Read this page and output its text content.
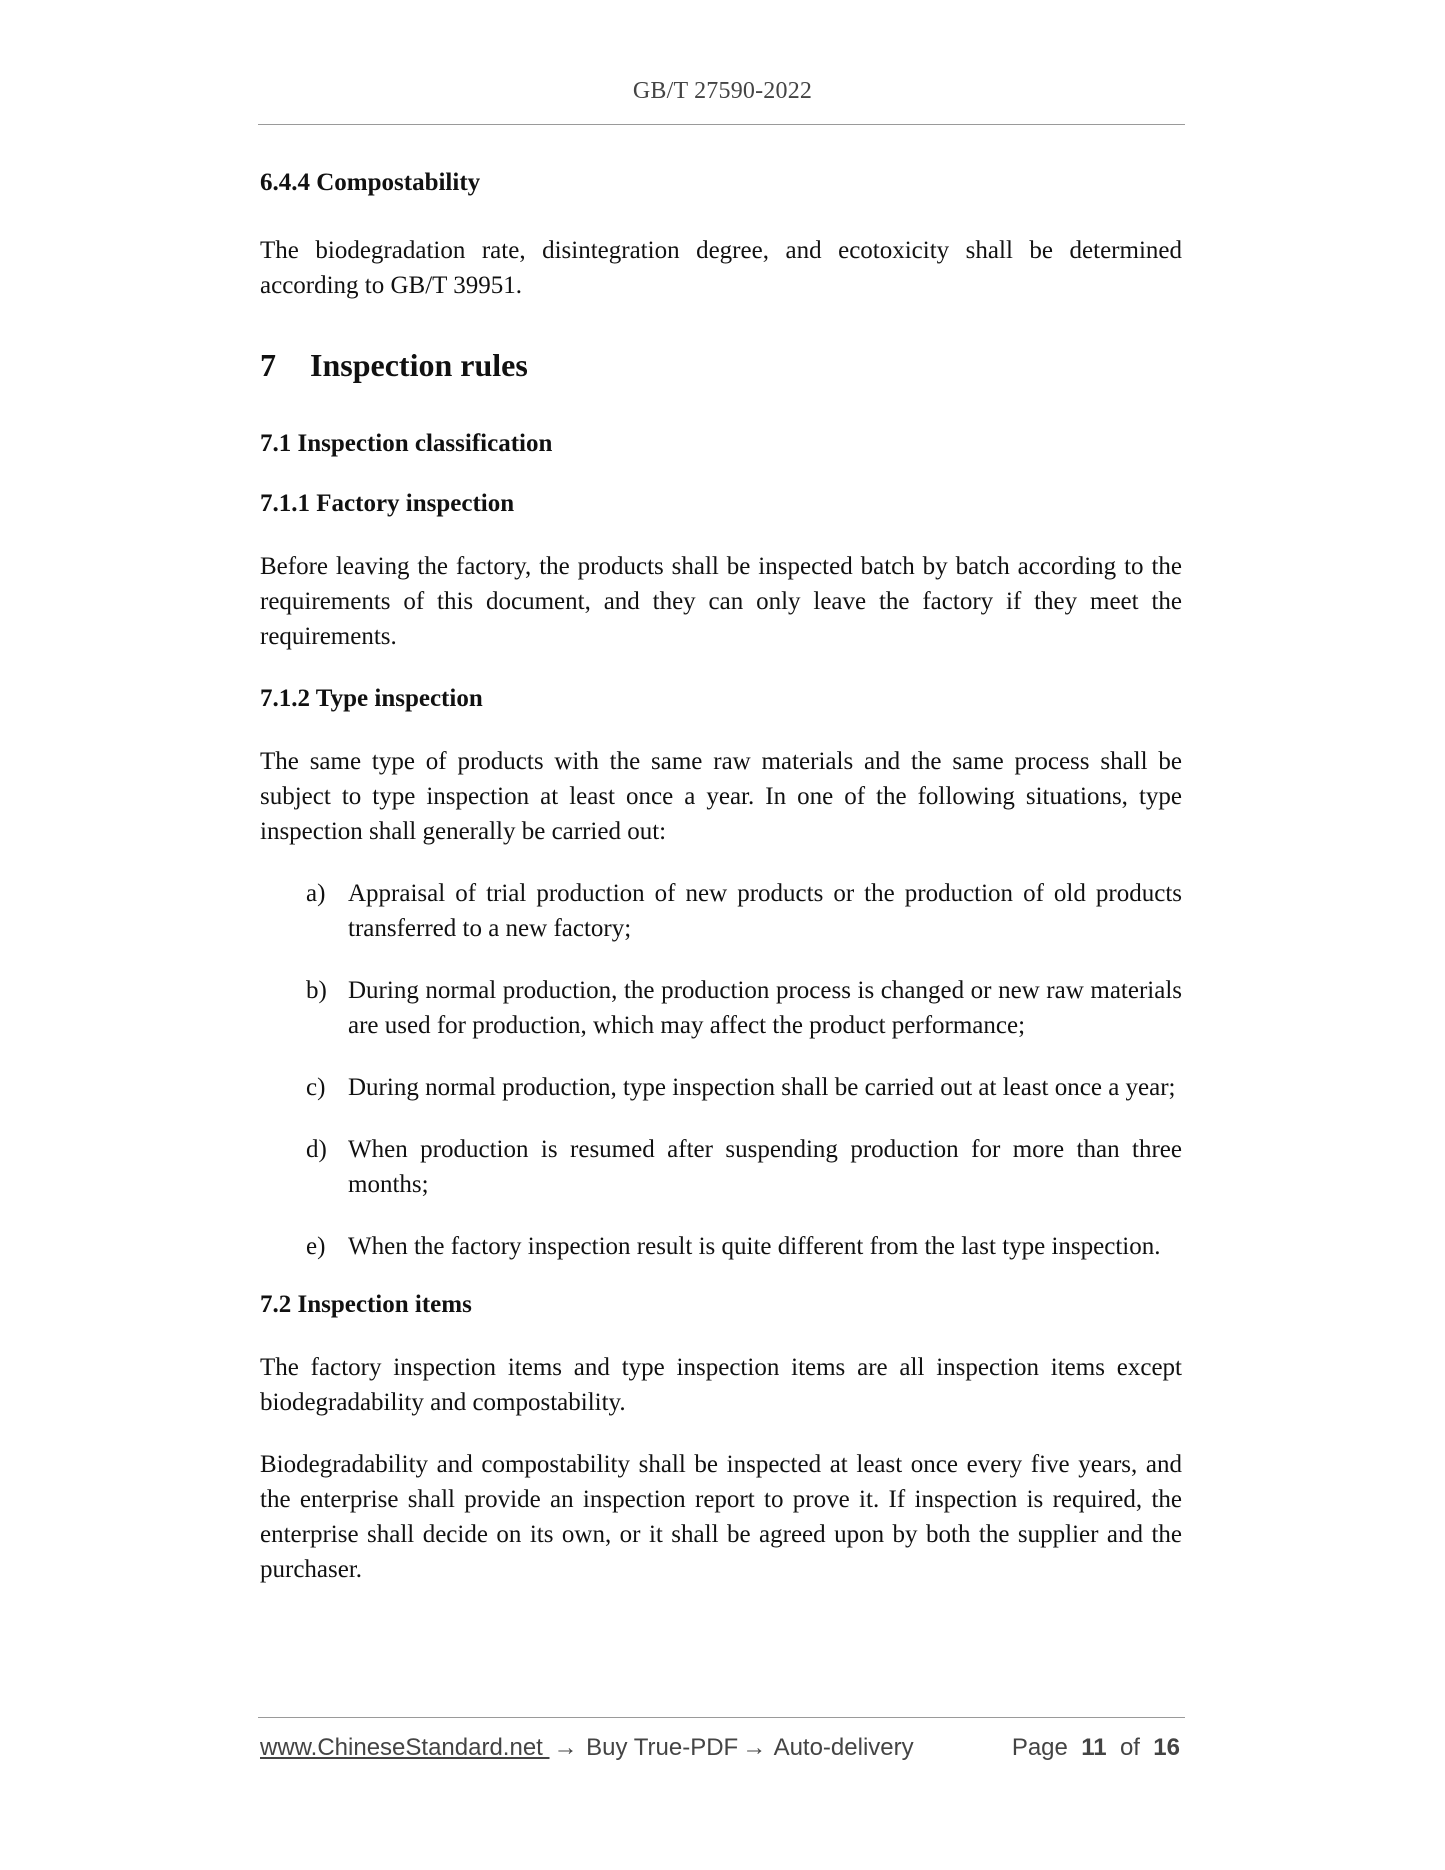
GB/T 27590-2022
6.4.4 Compostability

The biodegradation rate, disintegration degree, and ecotoxicity shall be determined according to GB/T 39951.

7 Inspection rules
7.1 Inspection classification
7.1.1 Factory inspection

Before leaving the factory, the products shall be inspected batch by batch according to the requirements of this document, and they can only leave the factory if they meet the requirements.

7.1.2 Type inspection

The same type of products with the same raw materials and the same process shall be subject to type inspection at least once a year. In one of the following situations, type inspection shall generally be carried out:

a) Appraisal of trial production of new products or the production of old products transferred to a new factory;
b) During normal production, the production process is changed or new raw materials are used for production, which may affect the product performance;
c) During normal production, type inspection shall be carried out at least once a year;
d) When production is resumed after suspending production for more than three months;
e) When the factory inspection result is quite different from the last type inspection.
7.2 Inspection items

The factory inspection items and type inspection items are all inspection items except biodegradability and compostability.

Biodegradability and compostability shall be inspected at least once every five years, and the enterprise shall provide an inspection report to prove it. If inspection is required, the enterprise shall decide on its own, or it shall be agreed upon by both the supplier and the purchaser.

www.ChineseStandard.net → Buy True-PDF → Auto-delivery	Page 11 of 16
